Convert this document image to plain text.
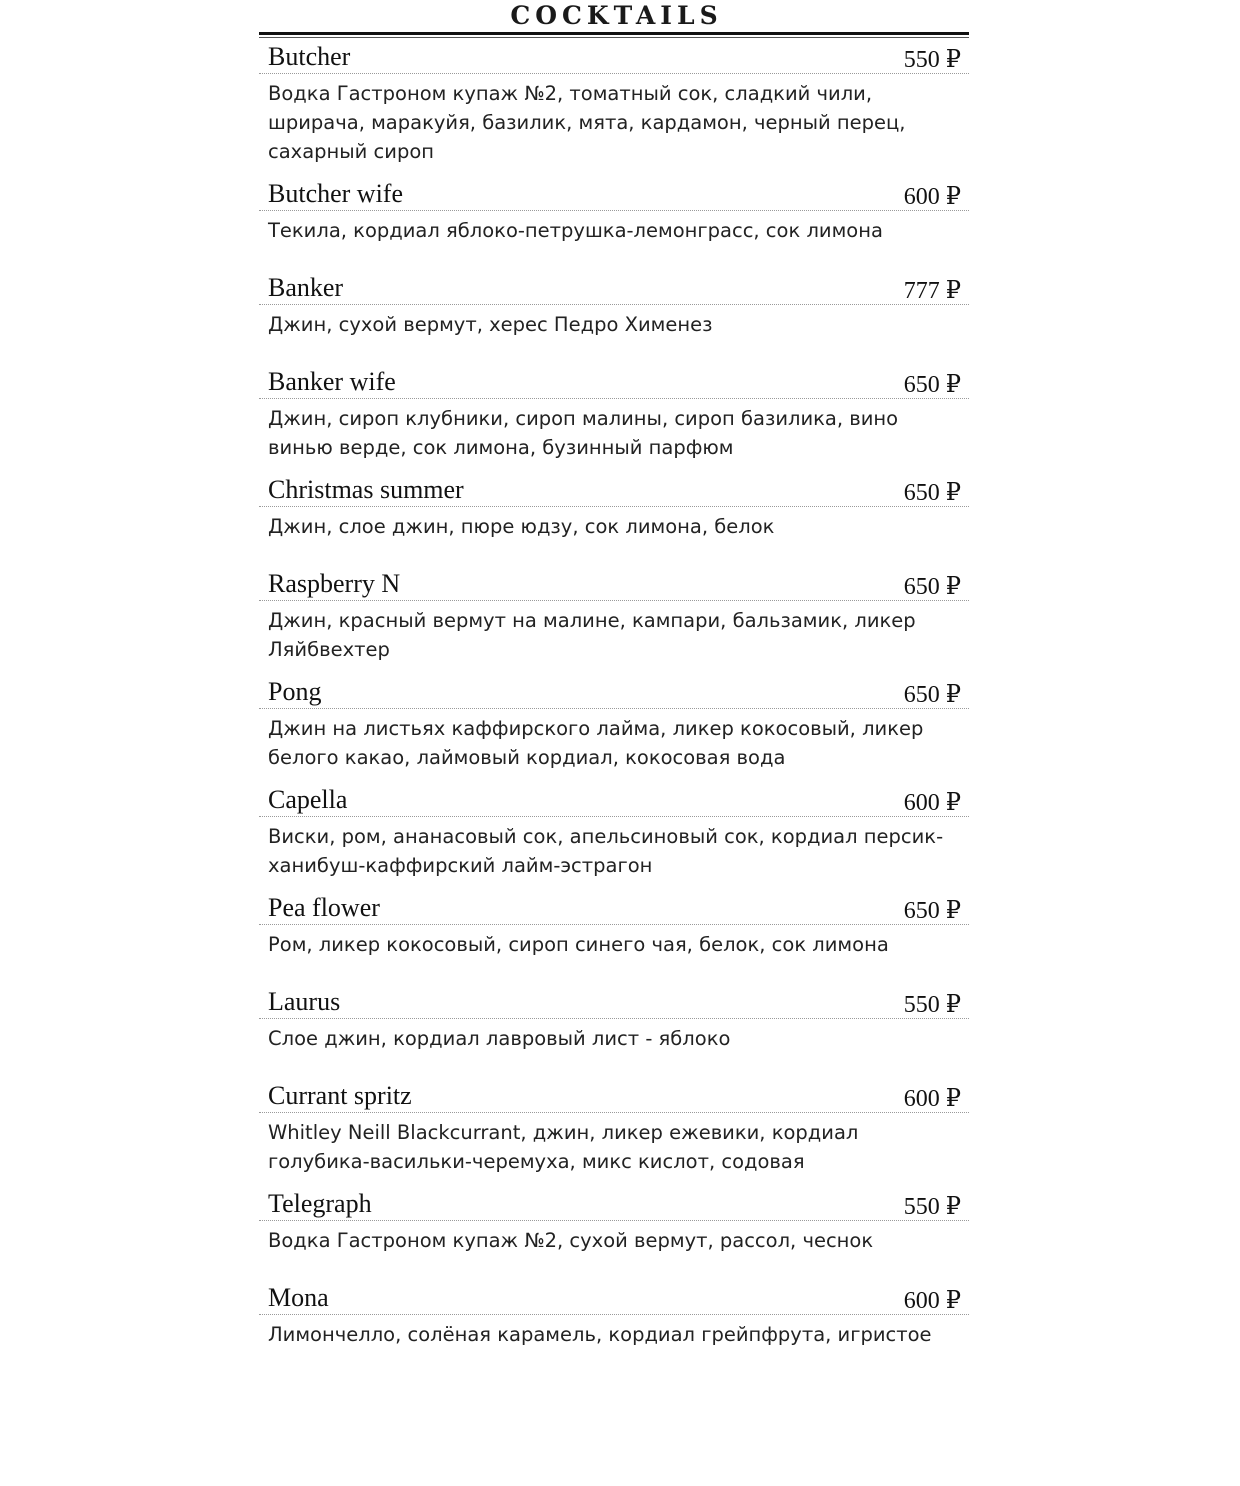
COCKTAILS
Butcher	550 ₽
Водка Гастроном купаж №2, томатный сок, сладкий чили, шрирача, маракуйя, базилик, мята, кардамон, черный перец, сахарный сироп
Butcher wife	600 ₽
Текила, кордиал яблоко-петрушка-лемонграсс, сок лимона
Banker	777 ₽
Джин, сухой вермут, херес Педро Хименез
Banker wife	650 ₽
Джин, сироп клубники, сироп малины, сироп базилика, вино винью верде, сок лимона, бузинный парфюм
Christmas summer	650 ₽
Джин, слое джин, пюре юдзу, сок лимона, белок
Raspberry N	650 ₽
Джин, красный вермут на малине, кампари, бальзамик, ликер Ляйбвехтер
Pong	650 ₽
Джин на листьях каффирского лайма, ликер кокосовый, ликер белого какао, лаймовый кордиал, кокосовая вода
Capella	600 ₽
Виски, ром, ананасовый сок, апельсиновый сок, кордиал персик-ханибуш-каффирский лайм-эстрагон
Pea flower	650 ₽
Ром, ликер кокосовый, сироп синего чая, белок, сок лимона
Laurus	550 ₽
Слое джин, кордиал лавровый лист - яблоко
Currant spritz	600 ₽
Whitley Neill Blackcurrant, джин, ликер ежевики, кордиал голубика-васильки-черемуха, микс кислот, содовая
Telegraph	550 ₽
Водка Гастроном купаж №2, сухой вермут, рассол, чеснок
Mona	600 ₽
Лимончелло, солёная карамель, кордиал грейпфрута, игристое
